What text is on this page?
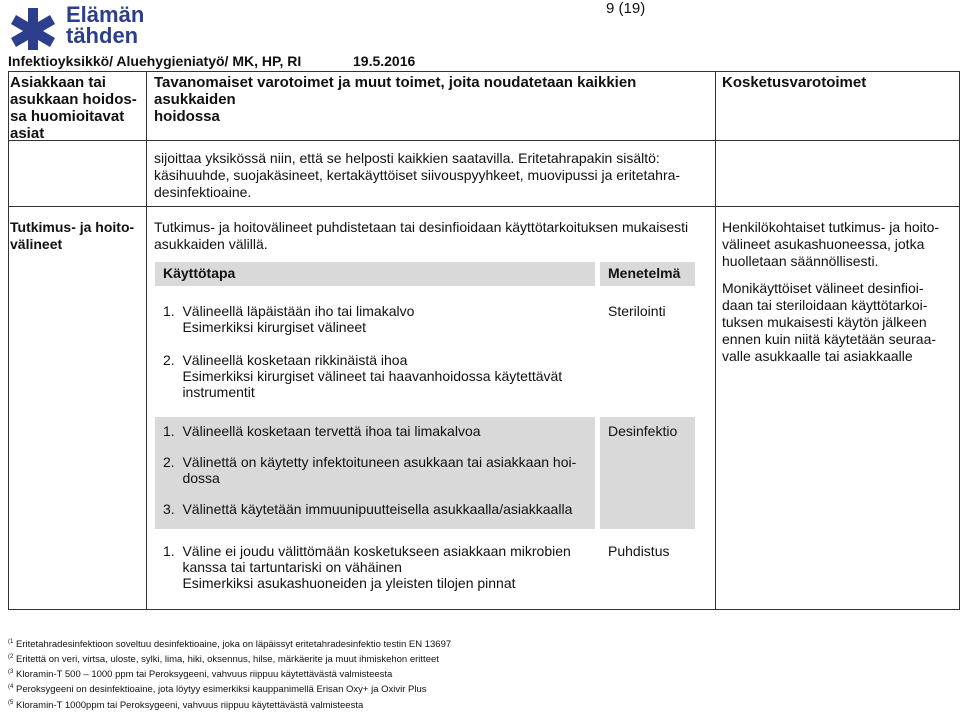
Elämän
tähden
9 (19)
Infektioyksikkö/ Aluehygieniatyö/ MK, HP, RI	19.5.2016
Asiakkaan tai
asukkaan hoidos-
sa huomioitavat
asiat
Tavanomaiset varotoimet ja muut toimet, joita noudatetaan kaikkien asukkaiden
hoidossa
Kosketusvarotoimet
sijoittaa yksikössä niin, että se helposti kaikkien saatavilla. Eritetahrapakin sisältö:
käsihuuhde, suojakäsineet, kertakäyttöiset siivouspyyhkeet, muovipussi ja eritetahra-
desinfektioaine.
Tutkimus- ja hoito-
välineet
Tutkimus- ja hoitovälineet puhdistetaan tai desinfioidaan käyttötarkoituksen mukaisesti
asukkaiden välillä.
Käyttötapa	Menetelmä
1.  Välineellä läpäistään iho tai limakalvo
Esimerkiksi kirurgiset välineet
2.  Välineellä kosketaan rikkinäistä ihoa
Esimerkiksi kirurgiset välineet tai haavanhoidossa käytettävät
instrumentit
Sterilointi
1.  Välineellä kosketaan tervettä ihoa tai limakalvoa
2.  Välinettä on käytetty infektoituneen asukkaan tai asiakkaan hoi-
dossa
3.  Välinettä käytetään immuunipuutteisella asukkaalla/asiakkaalla
Desinfektio
1.  Väline ei joudu välittömään kosketukseen asiakkaan mikrobien
kanssa tai tartuntariski on vähäinen
Esimerkiksi asukashuoneiden ja yleisten tilojen pinnat
Puhdistus
Henkilökohtaiset tutkimus- ja hoito-
välineet asukashuoneessa, jotka
huolletaan säännöllisesti.
Monikäyttöiset välineet desinfioi-
daan tai steriloidaan käyttötarkoi-
tuksen mukaisesti käytön jälkeen
ennen kuin niitä käytetään seuraa-
valle asukkaalle tai asiakkaalle
$^{(1}$ Eritetahradesinfektioon soveltuu desinfektioaine, joka on läpäissyt eritetahradesinfektio testin EN 13697
$^{(2}$ Eritettä on veri, virtsa, uloste, sylki, lima, hiki, oksennus, hilse, märkäerite ja muut ihmiskehon eritteet
$^{(3}$ Kloramin-T 500 – 1000 ppm tai Peroksygeeni, vahvuus riippuu käytettävästä valmisteesta
$^{(4}$ Peroksygeeni on desinfektioaine, jota löytyy esimerkiksi kauppanimellä Erisan Oxy+ ja Oxivir Plus
$^{(5}$ Kloramin-T 1000ppm tai Peroksygeeni, vahvuus riippuu käytettävästä valmisteesta
